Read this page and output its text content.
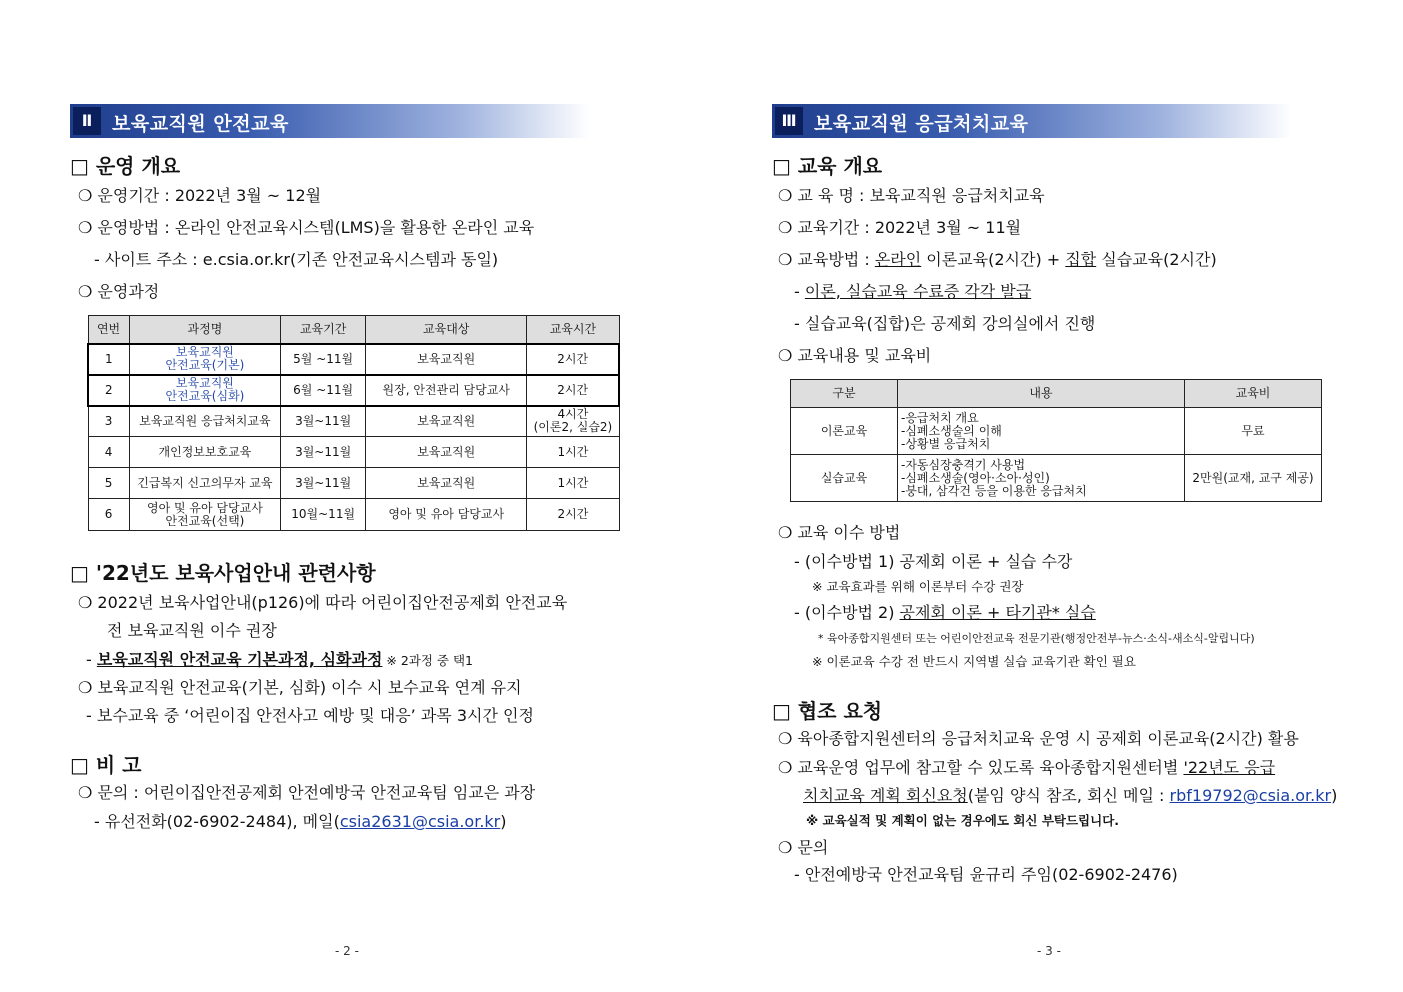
Ⅱ	보육교직원 안전교육
□ 운영 개요
❍ 운영기간 : 2022년 3월 ~ 12월
❍ 운영방법 : 온라인 안전교육시스템(LMS)을 활용한 온라인 교육
- 사이트 주소 : e.csia.or.kr(기존 안전교육시스템과 동일)
❍ 운영과정
연번	과정명	교육기간	교육대상	교육시간
1	보육교직원
안전교육(기본)	5월 ~11월	보육교직원	2시간
2	보육교직원
안전교육(심화)	6월 ~11월	원장, 안전관리 담당교사	2시간
3	보육교직원 응급처치교육	3월~11월	보육교직원	4시간
(이론2, 실습2)
4	개인정보보호교육	3월~11월	보육교직원	1시간
5	긴급복지 신고의무자 교육	3월~11월	보육교직원	1시간
6	영아 및 유아 담당교사
안전교육(선택)	10월~11월	영아 및 유아 담당교사	2시간
□ '22년도 보육사업안내 관련사항
❍ 2022년 보육사업안내(p126)에 따라 어린이집안전공제회 안전교육
전 보육교직원 이수 권장
- 보육교직원 안전교육 기본과정, 심화과정 ※ 2과정 중 택1
❍ 보육교직원 안전교육(기본, 심화) 이수 시 보수교육 연계 유지
- 보수교육 중 ‘어린이집 안전사고 예방 및 대응’ 과목 3시간 인정
□ 비 고
❍ 문의 : 어린이집안전공제회 안전예방국 안전교육팀 임교은 과장
- 유선전화(02-6902-2484), 메일(csia2631@csia.or.kr)
- 2 -
Ⅲ 보육교직원 응급처치교육
□ 교육 개요
❍ 교 육 명 : 보육교직원 응급처치교육
❍ 교육기간 : 2022년 3월 ~ 11월
❍ 교육방법 : 온라인 이론교육(2시간) + 집합 실습교육(2시간)
- 이론, 실습교육 수료증 각각 발급
- 실습교육(집합)은 공제회 강의실에서 진행
❍ 교육내용 및 교육비
구분	내용	교육비
이론교육	-응급처치 개요
-심폐소생술의 이해
-상황별 응급처치	무료
실습교육	-자동심장충격기 사용법
-심폐소생술(영아·소아·성인)
-붕대, 삼각건 등을 이용한 응급처치	2만원(교재, 교구 제공)
❍ 교육 이수 방법
- (이수방법 1) 공제회 이론 + 실습 수강
※ 교육효과를 위해 이론부터 수강 권장
- (이수방법 2) 공제회 이론 + 타기관* 실습
* 육아종합지원센터 또는 어린이안전교육 전문기관(행정안전부-뉴스·소식-새소식-알립니다)
※ 이론교육 수강 전 반드시 지역별 실습 교육기관 확인 필요
□ 협조 요청
❍ 육아종합지원센터의 응급처치교육 운영 시 공제회 이론교육(2시간) 활용
❍ 교육운영 업무에 참고할 수 있도록 육아종합지원센터별 '22년도 응급
치치교육 계획 회신요청(붙임 양식 참조, 회신 메일 : rbf19792@csia.or.kr)
※ 교육실적 및 계획이 없는 경우에도 회신 부탁드립니다.
❍ 문의
- 안전예방국 안전교육팀 윤규리 주임(02-6902-2476)
- 3 -
